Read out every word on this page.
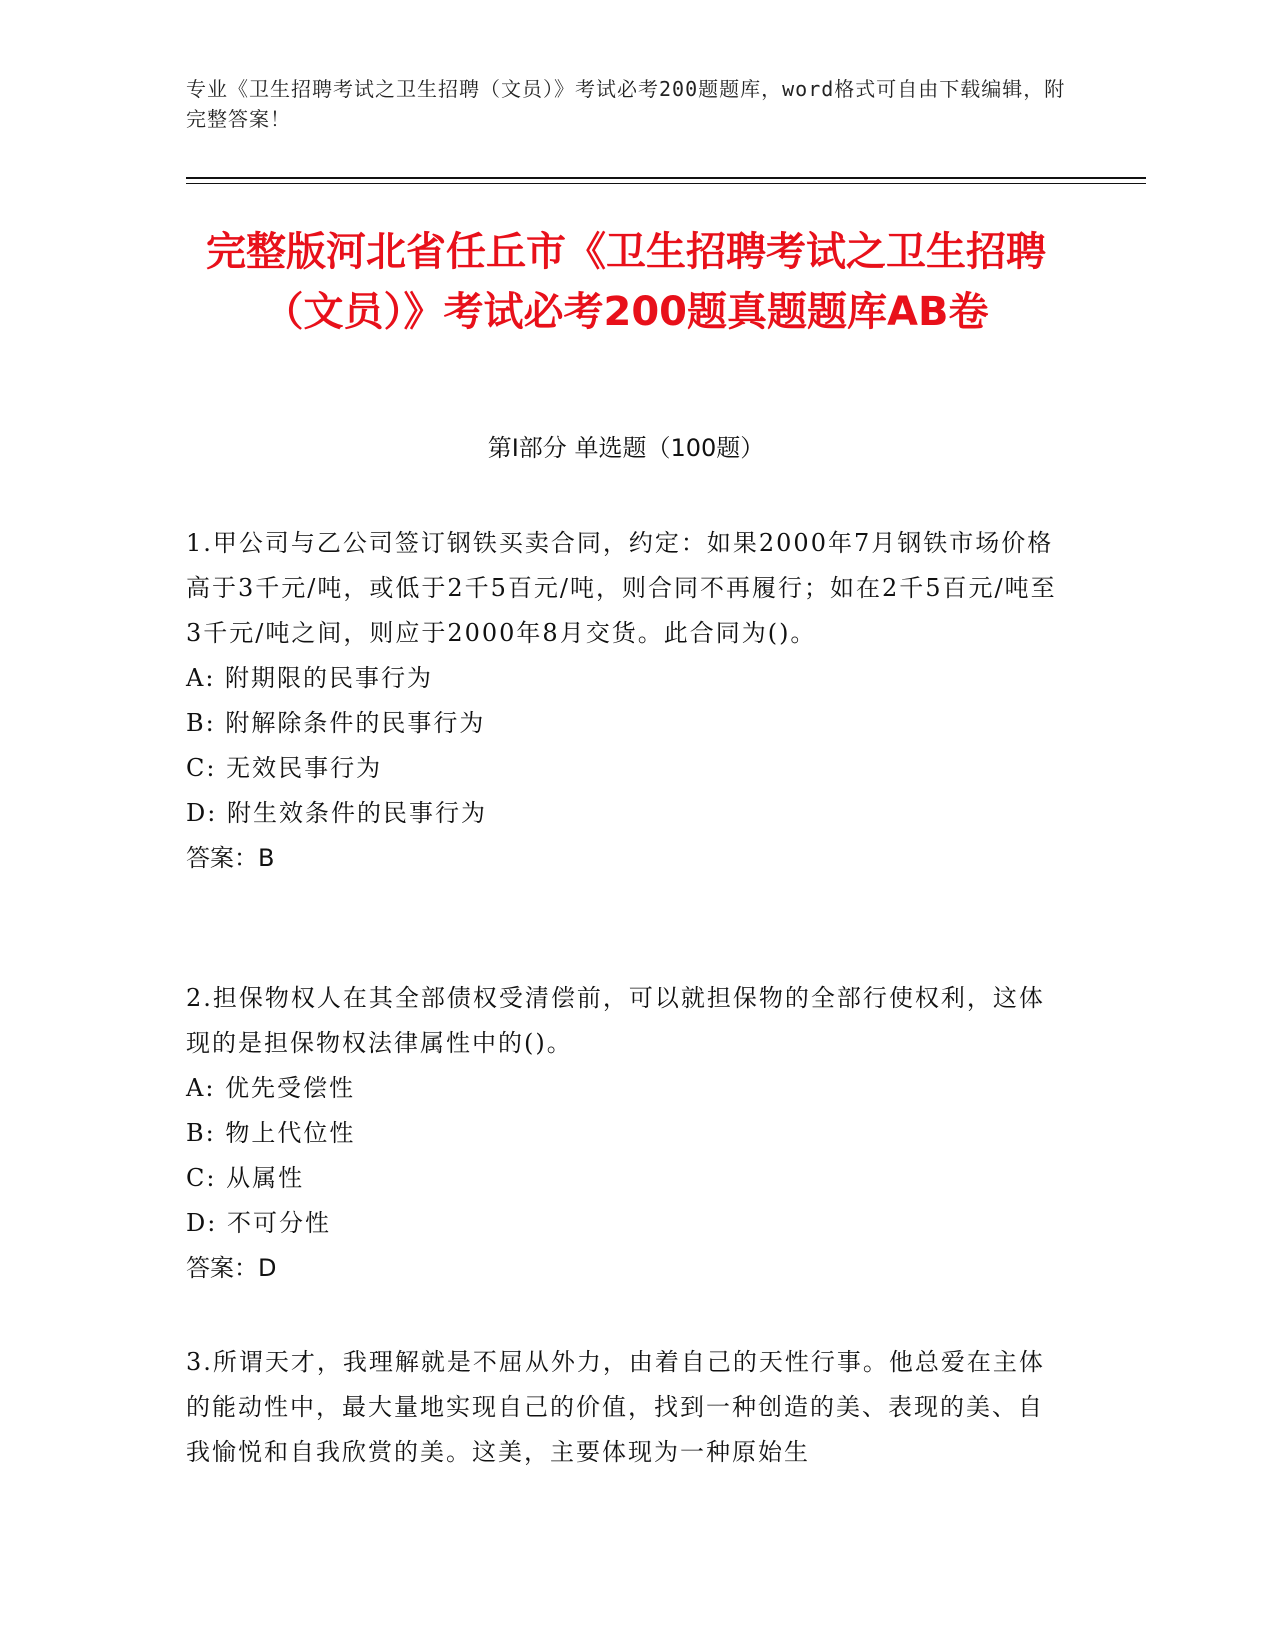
专业《卫生招聘考试之卫生招聘（文员）》考试必考200题题库，word格式可自由下载编辑，附完整答案！
完整版河北省任丘市《卫生招聘考试之卫生招聘（文员）》考试必考200题真题题库AB卷
第Ⅰ部分 单选题（100题）

1.甲公司与乙公司签订钢铁买卖合同，约定：如果2000年7月钢铁市场价格高于3千元/吨，或低于2千5百元/吨，则合同不再履行；如在2千5百元/吨至3千元/吨之间，则应于2000年8月交货。此合同为()。

A: 附期限的民事行为

B: 附解除条件的民事行为

C: 无效民事行为

D: 附生效条件的民事行为

答案：B

2.担保物权人在其全部债权受清偿前，可以就担保物的全部行使权利，这体现的是担保物权法律属性中的()。

A: 优先受偿性

B: 物上代位性

C: 从属性

D: 不可分性

答案：D

3.所谓天才，我理解就是不屈从外力，由着自己的天性行事。他总爱在主体的能动性中，最大量地实现自己的价值，找到一种创造的美、表现的美、自我愉悦和自我欣赏的美。这美，主要体现为一种原始生
